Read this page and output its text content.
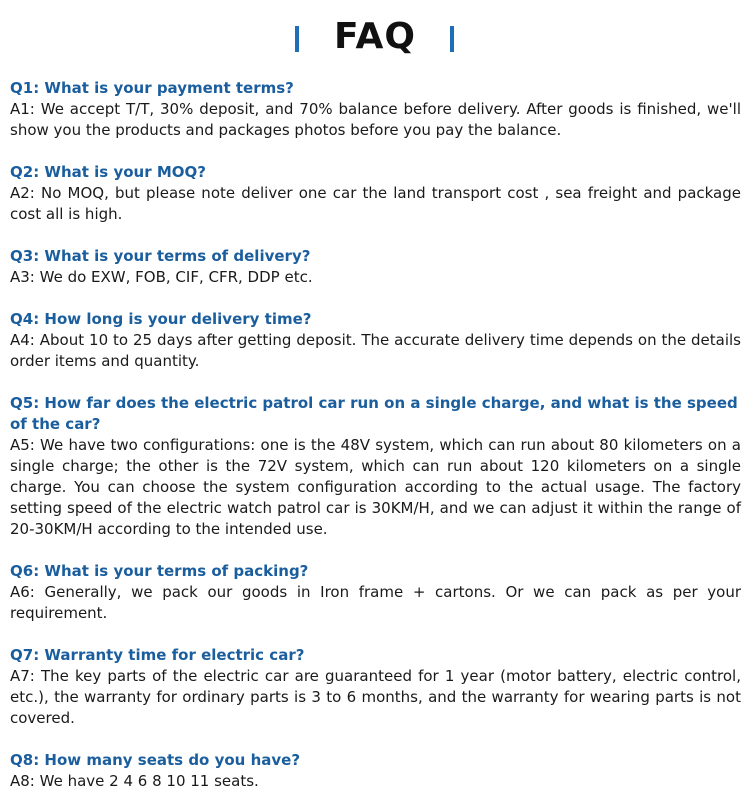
FAQ
Q1: What is your payment terms?
A1: We accept T/T, 30% deposit, and 70% balance before delivery. After goods is finished, we'll show you the products and packages photos before you pay the balance.
Q2: What is your MOQ?
A2: No MOQ, but please note deliver one car the land transport cost , sea freight and package cost all is high.
Q3: What is your terms of delivery?
A3: We do EXW, FOB, CIF, CFR, DDP etc.
Q4: How long is your delivery time?
A4: About 10 to 25 days after getting deposit. The accurate delivery time depends on the details order items and quantity.
Q5: How far does the electric patrol car run on a single charge, and what is the speed of the car?
A5: We have two configurations: one is the 48V system, which can run about 80 kilometers on a single charge; the other is the 72V system, which can run about 120 kilometers on a single charge. You can choose the system configuration according to the actual usage. The factory setting speed of the electric watch patrol car is 30KM/H, and we can adjust it within the range of 20-30KM/H according to the intended use.
Q6: What is your terms of packing?
A6: Generally, we pack our goods in Iron frame + cartons. Or we can pack as per your requirement.
Q7: Warranty time for electric car?
A7: The key parts of the electric car are guaranteed for 1 year (motor battery, electric control, etc.), the warranty for ordinary parts is 3 to 6 months, and the warranty for wearing parts is not covered.
Q8: How many seats do you have?
A8: We have 2 4 6 8 10 11 seats.
